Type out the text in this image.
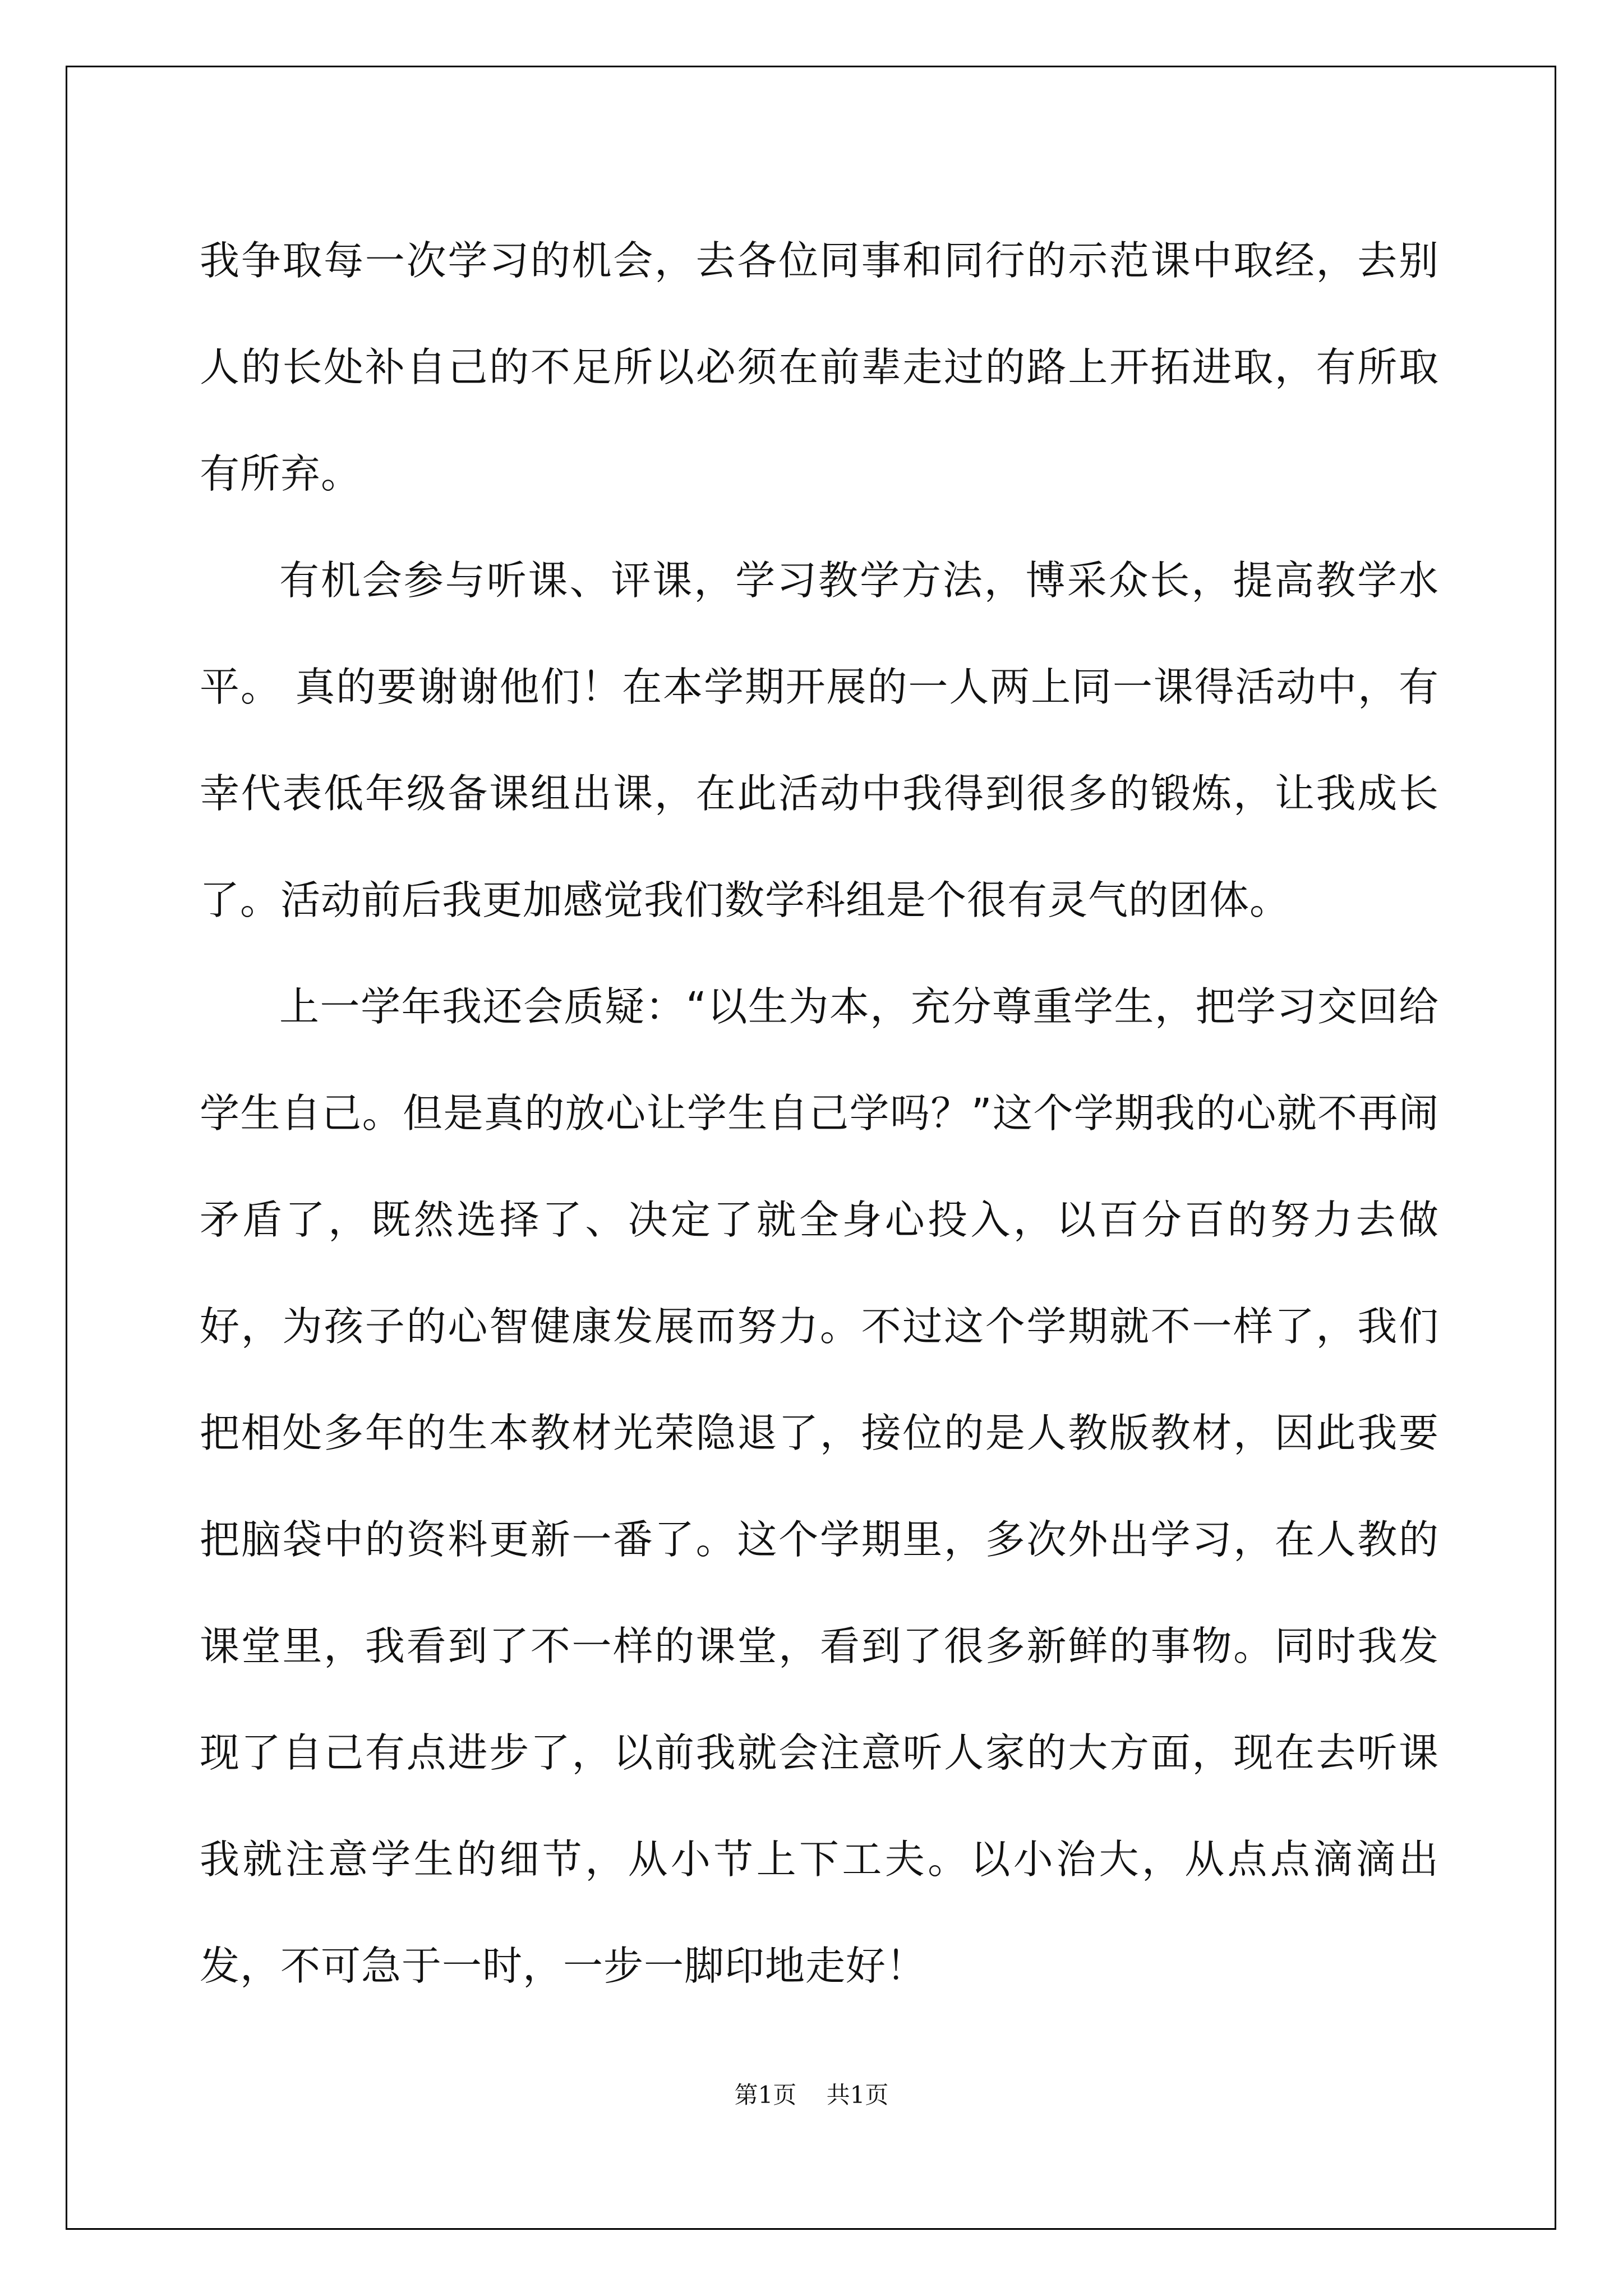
我争取每一次学习的机会，去各位同事和同行的示范课中取经，去别人的长处补自己的不足所以必须在前辈走过的路上开拓进取，有所取有所弃。

有机会参与听课、评课，学习教学方法，博采众长，提高教学水平。 真的要谢谢他们！在本学期开展的一人两上同一课得活动中，有幸代表低年级备课组出课，在此活动中我得到很多的锻炼，让我成长了。活动前后我更加感觉我们数学科组是个很有灵气的团体。

上一学年我还会质疑：“以生为本，充分尊重学生，把学习交回给学生自己。但是真的放心让学生自己学吗？”这个学期我的心就不再闹矛盾了，既然选择了、决定了就全身心投入，以百分百的努力去做好，为孩子的心智健康发展而努力。不过这个学期就不一样了，我们把相处多年的生本教材光荣隐退了，接位的是人教版教材，因此我要把脑袋中的资料更新一番了。这个学期里，多次外出学习，在人教的课堂里，我看到了不一样的课堂，看到了很多新鲜的事物。同时我发现了自己有点进步了，以前我就会注意听人家的大方面，现在去听课我就注意学生的细节，从小节上下工夫。以小治大，从点点滴滴出发，不可急于一时，一步一脚印地走好！

第1页    共1页
